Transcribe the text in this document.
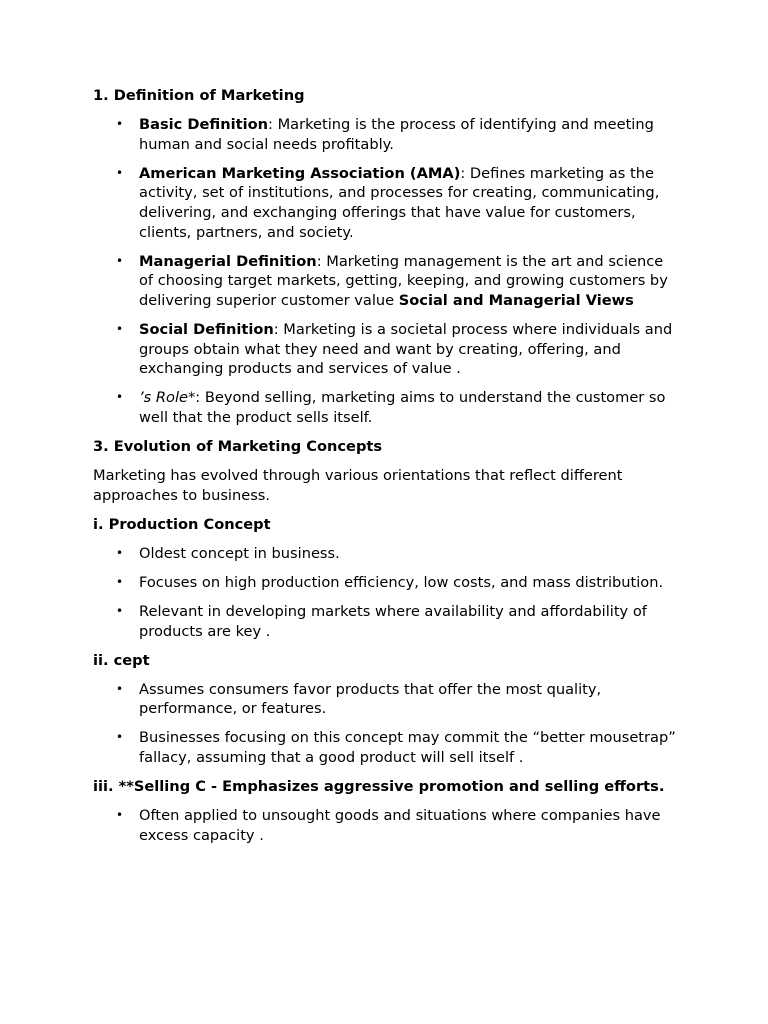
1. Definition of Marketing
• Basic Definition: Marketing is the process of identifying and meeting human and social needs profitably.
• American Marketing Association (AMA): Defines marketing as the activity, set of institutions, and processes for creating, communicating, delivering, and exchanging offerings that have value for customers, clients, partners, and society.
• Managerial Definition: Marketing management is the art and science of choosing target markets, getting, keeping, and growing customers by delivering superior customer value Social and Managerial Views
• Social Definition: Marketing is a societal process where individuals and groups obtain what they need and want by creating, offering, and exchanging products and services of value .
• ’s Role*: Beyond selling, marketing aims to understand the customer so well that the product sells itself.
3. Evolution of Marketing Concepts
Marketing has evolved through various orientations that reflect different approaches to business.
i. Production Concept
• Oldest concept in business.
• Focuses on high production efficiency, low costs, and mass distribution.
• Relevant in developing markets where availability and affordability of products are key .
ii. cept
• Assumes consumers favor products that offer the most quality, performance, or features.
• Businesses focusing on this concept may commit the “better mousetrap” fallacy, assuming that a good product will sell itself .
iii. **Selling C - Emphasizes aggressive promotion and selling efforts.
• Often applied to unsought goods and situations where companies have excess capacity .
